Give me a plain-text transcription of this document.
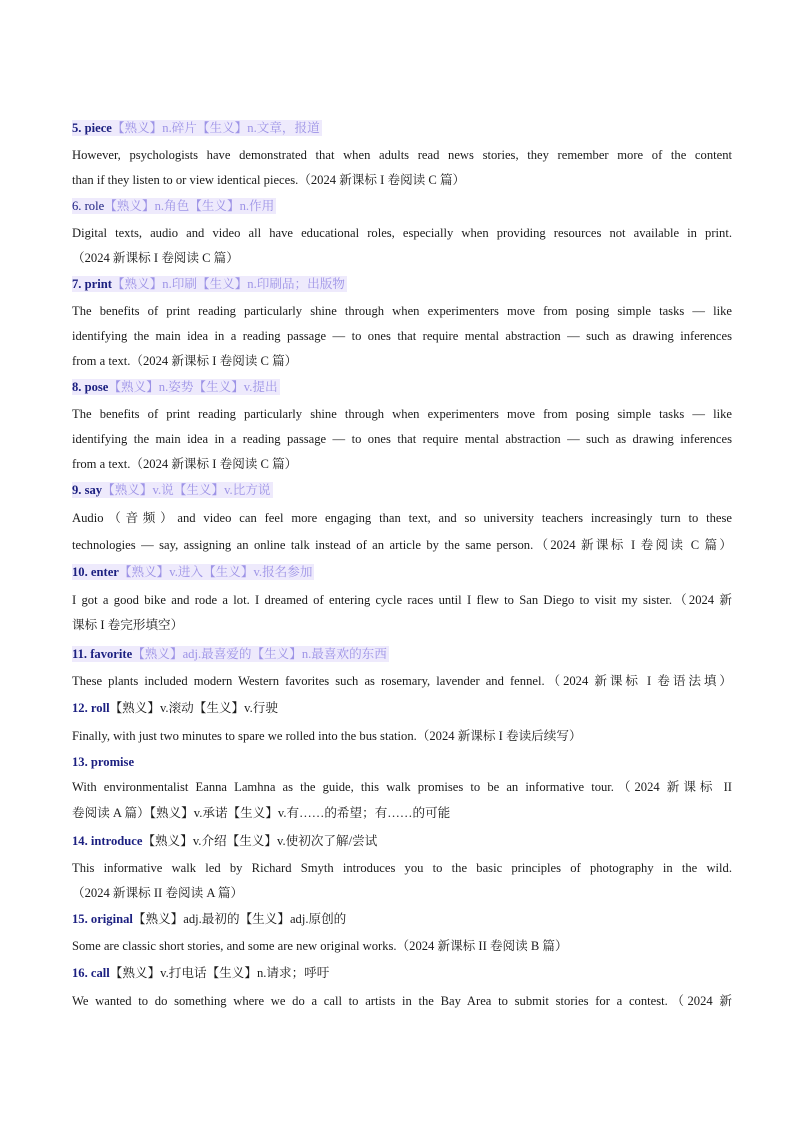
5. piece【熟义】n.碎片【生义】n.文章，报道
However, psychologists have demonstrated that when adults read news stories, they remember more of the content
than if they listen to or view identical pieces.（2024 新课标 I 卷阅读 C 篇）
6. role【熟义】n.角色【生义】n.作用
Digital texts, audio and video all have educational roles, especially when providing resources not available in print.
（2024 新课标 I 卷阅读 C 篇）
7. print【熟义】n.印刷【生义】n.印刷品；出版物
The benefits of print reading particularly shine through when experimenters move from posing simple tasks — like
identifying the main idea in a reading passage — to ones that require mental abstraction — such as drawing inferences
from a text.（2024 新课标 I 卷阅读 C 篇）
8. pose【熟义】n.姿势【生义】v.提出
The benefits of print reading particularly shine through when experimenters move from posing simple tasks — like
identifying the main idea in a reading passage — to ones that require mental abstraction — such as drawing inferences
from a text.（2024 新课标 I 卷阅读 C 篇）
9. say【熟义】v.说【生义】v.比方说
Audio（音频）and video can feel more engaging than text, and so university teachers increasingly turn to these
technologies — say, assigning an online talk instead of an article by the same person.（2024 新课标 I 卷阅读 C 篇）
10. enter【熟义】v.进入【生义】v.报名参加
I got a good bike and rode a lot. I dreamed of entering cycle races until I flew to San Diego to visit my sister.（2024 新
课标 I 卷完形填空）
11. favorite【熟义】adj.最喜爱的【生义】n.最喜欢的东西
These plants included modern Western favorites such as rosemary, lavender and fennel.（2024 新课标 I 卷语法填）
12. roll【熟义】v.滚动【生义】v.行驶
Finally, with just two minutes to spare we rolled into the bus station.（2024 新课标 I 卷读后续写）
13. promise
With environmentalist Eanna Lamhna as the guide, this walk promises to be an informative tour.（2024 新课标 II
卷阅读 A 篇）【熟义】v.承诺【生义】v.有……的希望；有……的可能
14. introduce【熟义】v.介绍【生义】v.使初次了解/尝试
This informative walk led by Richard Smyth introduces you to the basic principles of photography in the wild.
（2024 新课标 II 卷阅读 A 篇）
15. original【熟义】adj.最初的【生义】adj.原创的
Some are classic short stories, and some are new original works.（2024 新课标 II 卷阅读 B 篇）
16. call【熟义】v.打电话【生义】n.请求；呼吁
We wanted to do something where we do a call to artists in the Bay Area to submit stories for a contest.（2024 新
